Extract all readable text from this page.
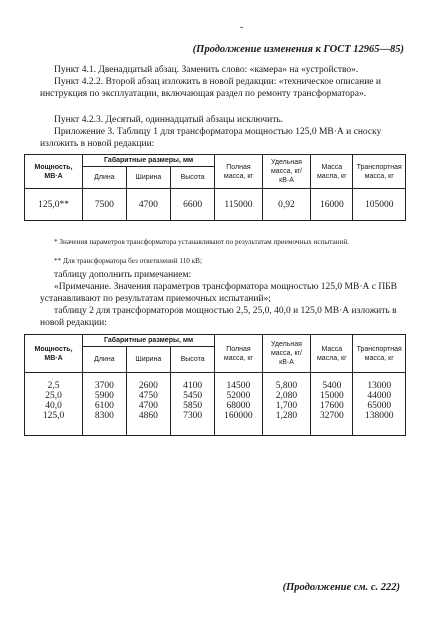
˘
(Продолжение изменения к ГОСТ 12965—85)
Пункт 4.1. Двенадцатый абзац. Заменить слово: «камера» на «устройство».
Пункт 4.2.2. Второй абзац изложить в новой редакции: «техническое описание и инструкция по эксплуатации, включающая раздел по ремонту трансформатора».
Пункт 4.2.3. Десятый, одиннадцатый абзацы исключить.
Приложение 3. Таблицу 1 для трансформатора мощностью 125,0 МВ·А и сноску изложить в новой редакции:
Мощность, МВ·А	Габаритные размеры, мм			Полная масса, кг	Удельная масса, кг/кВ·А	Масса масла, кг	Транспортная масса, кг
	Длина	Ширина	Высота				
125,0**	7500	4700	6600	115000	0,92	16000	105000
* Значения параметров трансформатора устанавливают по результатам приемочных испытаний.
** Для трансформатора без ответвлений 110 кВ;
таблицу дополнить примечанием:
«Примечание. Значения параметров трансформатора мощностью 125,0 МВ·А с ПБВ устанавливают по результатам приемочных испытаний»;
таблицу 2 для трансформаторов мощностью 2,5, 25,0, 40,0 и 125,0 МВ·А изложить в новой редакции:
Мощность, МВ·А	Габаритные размеры, мм			Полная масса, кг	Удельная масса, кг/кВ·А	Масса масла, кг	Транспортная масса, кг
	Длина	Ширина	Высота				
2,5	3700	2600	4100	14500	5,800	5400	13000
25,0	5900	4750	5450	52000	2,080	15000	44000
40,0	6100	4700	5850	68000	1,700	17600	65000
125,0	8300	4860	7300	160000	1,280	32700	138000
(Продолжение см. с. 222)
